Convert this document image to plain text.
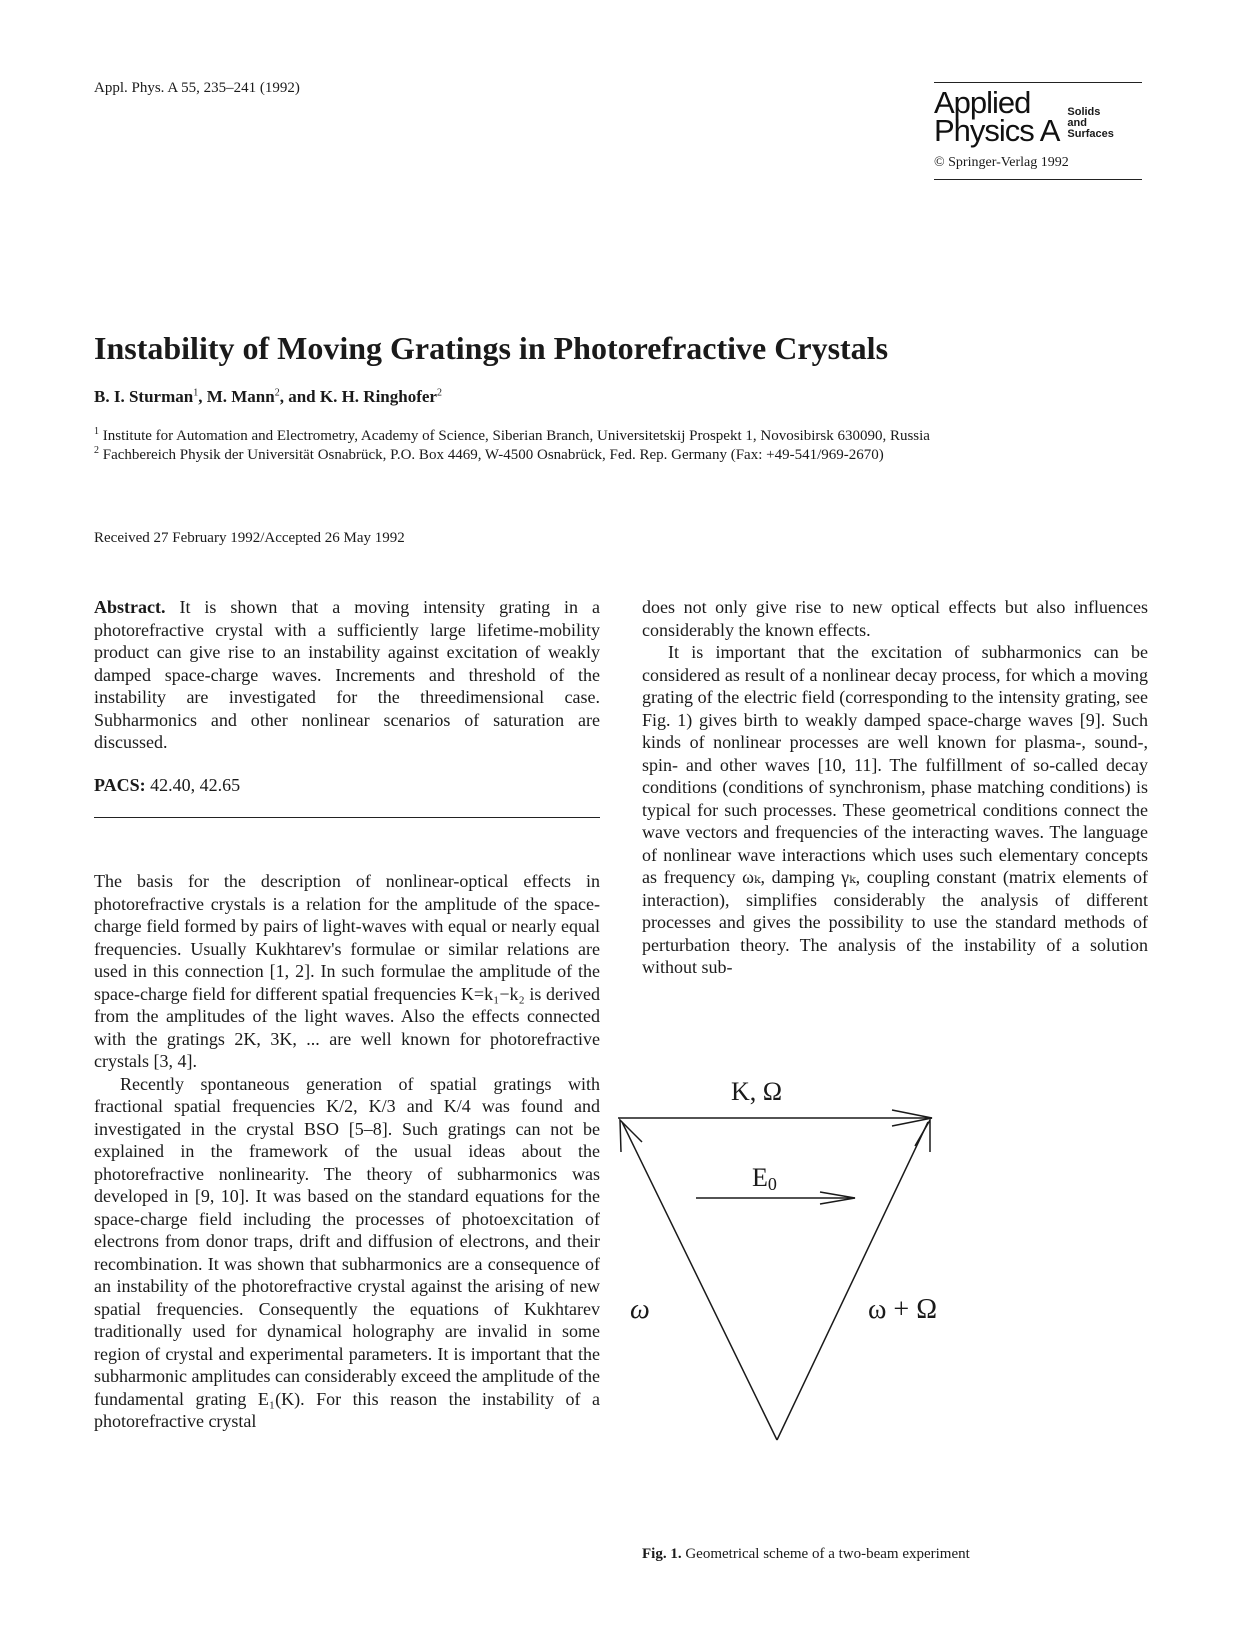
Appl. Phys. A 55, 235–241 (1992)	Applied
Physics A
Solids
and
Surfaces
© Springer-Verlag 1992
Instability of Moving Gratings in Photorefractive Crystals
B. I. Sturman$^1$, M. Mann$^2$, and K. H. Ringhofer$^2$
$^1$ Institute for Automation and Electrometry, Academy of Science, Siberian Branch, Universitetskij Prospekt 1, Novosibirsk 630090, Russia
$^2$ Fachbereich Physik der Universität Osnabrück, P.O. Box 4469, W-4500 Osnabrück, Fed. Rep. Germany (Fax: +49-541/969-2670)
Received 27 February 1992/Accepted 26 May 1992

Abstract. It is shown that a moving intensity grating in a photorefractive crystal with a sufficiently large lifetime-mobility product can give rise to an instability against excitation of weakly damped space-charge waves. Increments and threshold of the instability are investigated for the threedimensional case. Subharmonics and other nonlinear scenarios of saturation are discussed.

PACS: 42.40, 42.65

The basis for the description of nonlinear-optical effects in photorefractive crystals is a relation for the amplitude of the space-charge field formed by pairs of light-waves with equal or nearly equal frequencies. Usually Kukhtarev's formulae or similar relations are used in this connection [1, 2]. In such formulae the amplitude of the space-charge field for different spatial frequencies K=k₁−k₂ is derived from the amplitudes of the light waves. Also the effects connected with the gratings 2K, 3K, ... are well known for photorefractive crystals [3, 4].

Recently spontaneous generation of spatial gratings with fractional spatial frequencies K/2, K/3 and K/4 was found and investigated in the crystal BSO [5–8]. Such gratings can not be explained in the framework of the usual ideas about the photorefractive nonlinearity. The theory of subharmonics was developed in [9, 10]. It was based on the standard equations for the space-charge field including the processes of photoexcitation of electrons from donor traps, drift and diffusion of electrons, and their recombination. It was shown that subharmonics are a consequence of an instability of the photorefractive crystal against the arising of new spatial frequencies. Consequently the equations of Kukhtarev traditionally used for dynamical holography are invalid in some region of crystal and experimental parameters. It is important that the subharmonic amplitudes can considerably exceed the amplitude of the fundamental grating E₁(K). For this reason the instability of a photorefractive crystal

does not only give rise to new optical effects but also influences considerably the known effects.

It is important that the excitation of subharmonics can be considered as result of a nonlinear decay process, for which a moving grating of the electric field (corresponding to the intensity grating, see Fig. 1) gives birth to weakly damped space-charge waves [9]. Such kinds of nonlinear processes are well known for plasma-, sound-, spin- and other waves [10, 11]. The fulfillment of so-called decay conditions (conditions of synchronism, phase matching conditions) is typical for such processes. These geometrical conditions connect the wave vectors and frequencies of the interacting waves. The language of nonlinear wave interactions which uses such elementary concepts as frequency ωₖ, damping γₖ, coupling constant (matrix elements of interaction), simplifies considerably the analysis of different processes and gives the possibility to use the standard methods of perturbation theory. The analysis of the instability of a solution without sub-

K, Ω
E0
ω	ω + Ω
Fig. 1. Geometrical scheme of a two-beam experiment
